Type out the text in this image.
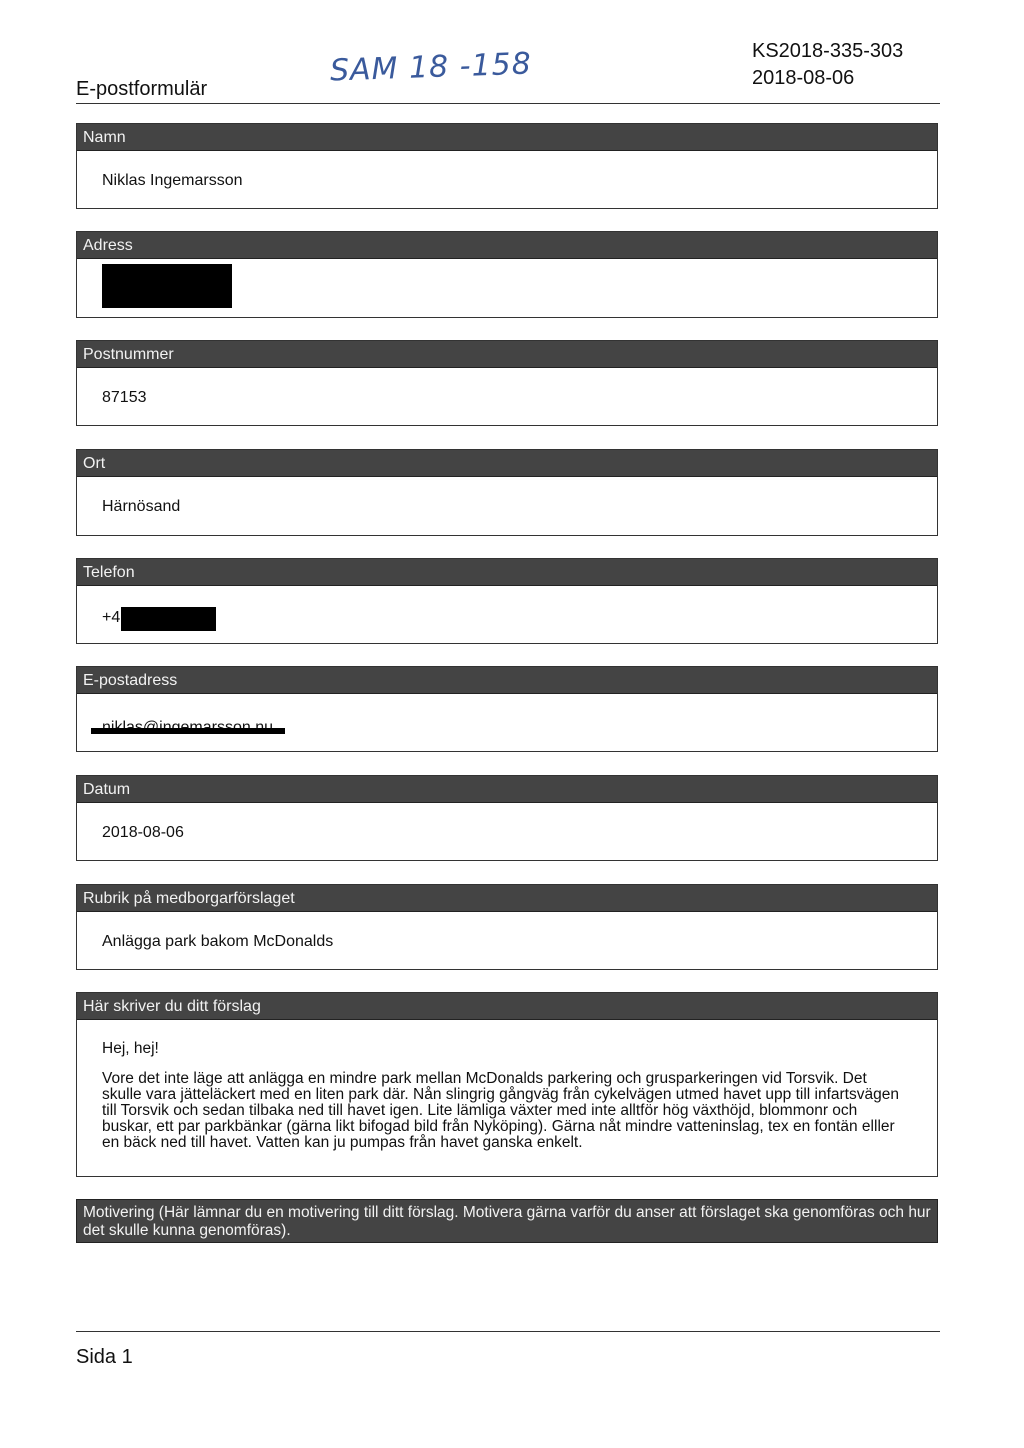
E-postformulär
SAM 18 -158	KS2018-335-303
2018-08-06
Namn
Niklas Ingemarsson
Adress
Postnummer
87153
Ort
Härnösand
Telefon
+4
E-postadress
Datum
2018-08-06
Rubrik på medborgarförslaget
Anlägga park bakom McDonalds
Här skriver du ditt förslag

Hej, hej!

Vore det inte läge att anlägga en mindre park mellan McDonalds parkering och grusparkeringen vid Torsvik. Det skulle vara jätteläckert med en liten park där. Nån slingrig gångväg från cykelvägen utmed havet upp till infartsvägen till Torsvik och sedan tilbaka ned till havet igen. Lite lämliga växter med inte alltför hög växthöjd, blommonr och buskar, ett par parkbänkar (gärna likt bifogad bild från Nyköping). Gärna nåt mindre vatteninslag, tex en fontän elller en bäck ned till havet. Vatten kan ju pumpas från havet ganska enkelt.

Motivering (Här lämnar du en motivering till ditt förslag. Motivera gärna varför du anser att förslaget ska genomföras och hur det skulle kunna genomföras).
Sida 1
